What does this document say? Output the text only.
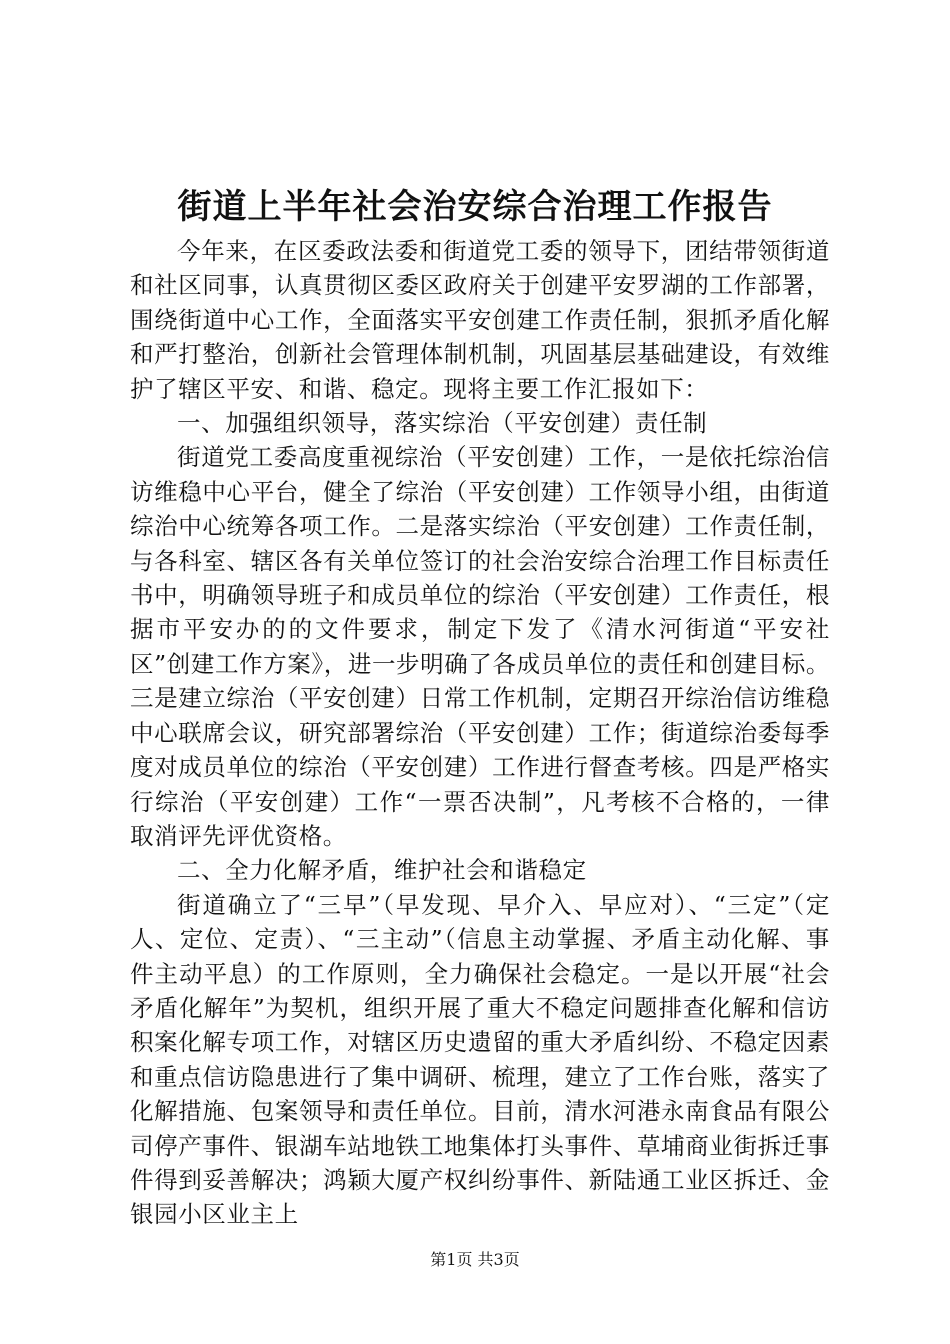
街道上半年社会治安综合治理工作报告

今年来，在区委政法委和街道党工委的领导下，团结带领街道和社区同事，认真贯彻区委区政府关于创建平安罗湖的工作部署，围绕街道中心工作，全面落实平安创建工作责任制，狠抓矛盾化解和严打整治，创新社会管理体制机制，巩固基层基础建设，有效维护了辖区平安、和谐、稳定。现将主要工作汇报如下：

一、加强组织领导，落实综治（平安创建）责任制

街道党工委高度重视综治（平安创建）工作，一是依托综治信访维稳中心平台，健全了综治（平安创建）工作领导小组，由街道综治中心统筹各项工作。二是落实综治（平安创建）工作责任制，与各科室、辖区各有关单位签订的社会治安综合治理工作目标责任书中，明确领导班子和成员单位的综治（平安创建）工作责任，根据市平安办的的文件要求，制定下发了《清水河街道“平安社区”创建工作方案》，进一步明确了各成员单位的责任和创建目标。三是建立综治（平安创建）日常工作机制，定期召开综治信访维稳中心联席会议，研究部署综治（平安创建）工作；街道综治委每季度对成员单位的综治（平安创建）工作进行督查考核。四是严格实行综治（平安创建）工作“一票否决制”，凡考核不合格的，一律取消评先评优资格。

二、全力化解矛盾，维护社会和谐稳定

街道确立了“三早”（早发现、早介入、早应对）、“三定”（定人、定位、定责）、“三主动”（信息主动掌握、矛盾主动化解、事件主动平息）的工作原则，全力确保社会稳定。一是以开展“社会矛盾化解年”为契机，组织开展了重大不稳定问题排查化解和信访积案化解专项工作，对辖区历史遗留的重大矛盾纠纷、不稳定因素和重点信访隐患进行了集中调研、梳理，建立了工作台账，落实了化解措施、包案领导和责任单位。目前，清水河港永南食品有限公司停产事件、银湖车站地铁工地集体打头事件、草埔商业街拆迁事件得到妥善解决；鸿颖大厦产权纠纷事件、新陆通工业区拆迁、金银园小区业主上

第1页 共3页
